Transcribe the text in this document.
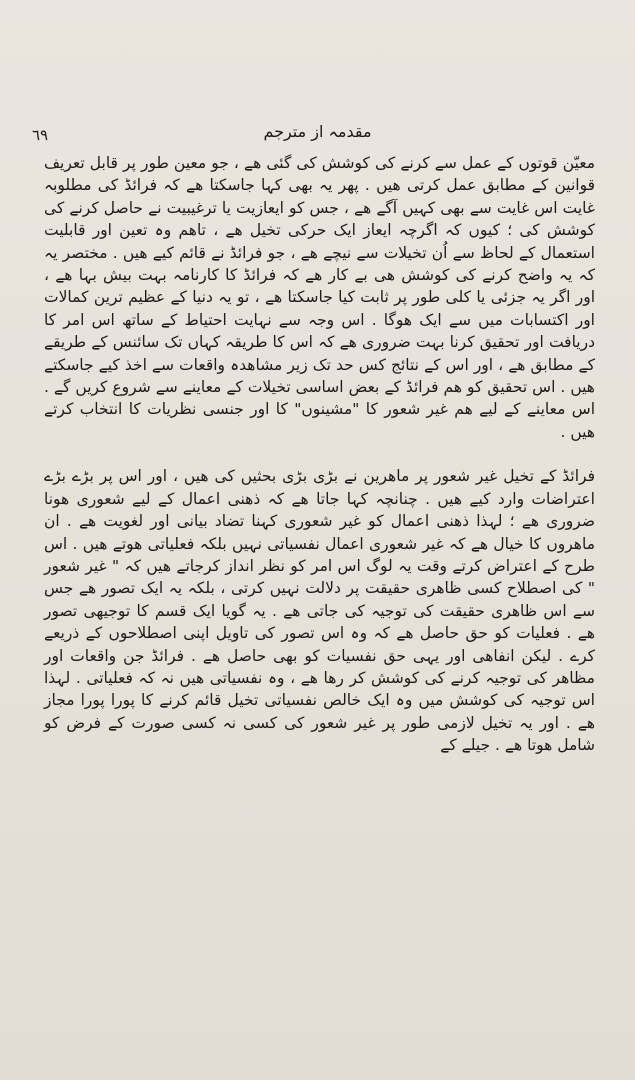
٦٩	مقدمہ از مترجم

معیّن قوتوں کے عمل سے کرنے کی کوشش کی گئی ھے ، جو معین طور پر قابل تعریف قوانین کے مطابق عمل کرتی ھیں . پھر یہ بھی کہا جاسکتا ھے کہ فرائڈ کی مطلوبہ غایت اس غایت سے بھی کہیں آگے ھے ، جس کو ایعازیت یا ترغیبیت نے حاصل کرنے کی کوشش کی ؛ کیوں کہ اگرچہ ایعاز ایک حرکی تخیل ھے ، تاھم وہ تعین اور قابلیت استعمال کے لحاظ سے اُن تخیلات سے نیچے ھے ، جو فرائڈ نے قائم کیے ھیں . مختصر یہ کہ یہ واضح کرنے کی کوشش ھی بے کار ھے کہ فرائڈ کا کارنامہ بہت بیش بہا ھے ، اور اگر یہ جزئی یا کلی طور پر ثابت کیا جاسکتا ھے ، تو یہ دنیا کے عظیم ترین کمالات اور اکتسابات میں سے ایک ھوگا . اس وجہ سے نہایت احتیاط کے ساتھ اس امر کا دریافت اور تحقیق کرنا بہت ضروری ھے کہ اس کا طریقہ کہاں تک سائنس کے طریقے کے مطابق ھے ، اور اس کے نتائج کس حد تک زیر مشاھدہ واقعات سے اخذ کیے جاسکتے ھیں . اس تحقیق کو ھم فرائڈ کے بعض اساسی تخیلات کے معاینے سے شروع کریں گے . اس معاینے کے لیے ھم غیر شعور کا "مشینوں" کا اور جنسی نظریات کا انتخاب کرتے ھیں .

فرائڈ کے تخیل غیر شعور پر ماھرین نے بڑی بڑی بحثیں کی ھیں ، اور اس پر بڑے بڑے اعتراضات وارد کیے ھیں . چنانچہ کہا جاتا ھے کہ ذھنی اعمال کے لیے شعوری ھونا ضروری ھے ؛ لہذا ذھنی اعمال کو غیر شعوری کہنا تضاد بیانی اور لغویت ھے . ان ماھروں کا خیال ھے کہ غیر شعوری اعمال نفسیاتی نہیں بلکہ فعلیاتی ھوتے ھیں . اس طرح کے اعتراض کرتے وقت یہ لوگ اس امر کو نظر انداز کرجاتے ھیں کہ " غیر شعور " کی اصطلاح کسی ظاھری حقیقت پر دلالت نہیں کرتی ، بلکہ یہ ایک تصور ھے جس سے اس ظاھری حقیقت کی توجیہ کی جاتی ھے . یہ گویا ایک قسم کا توجیھی تصور ھے . فعلیات کو حق حاصل ھے کہ وہ اس تصور کی تاویل اپنی اصطلاحوں کے ذریعے کرے . لیکن انفاهی اور یہی حق نفسیات کو بھی حاصل ھے . فرائڈ جن واقعات اور مظاھر کی توجیہ کرنے کی کوشش کر رھا ھے ، وہ نفسیاتی ھیں نہ کہ فعلیاتی . لہذا اس توجیہ کی کوشش میں وہ ایک خالص نفسیاتی تخیل قائم کرنے کا پورا پورا مجاز ھے . اور یہ تخیل لازمی طور پر غیر شعور کی کسی نہ کسی صورت کے فرض کو شامل ھوتا ھے . جیلے کے
